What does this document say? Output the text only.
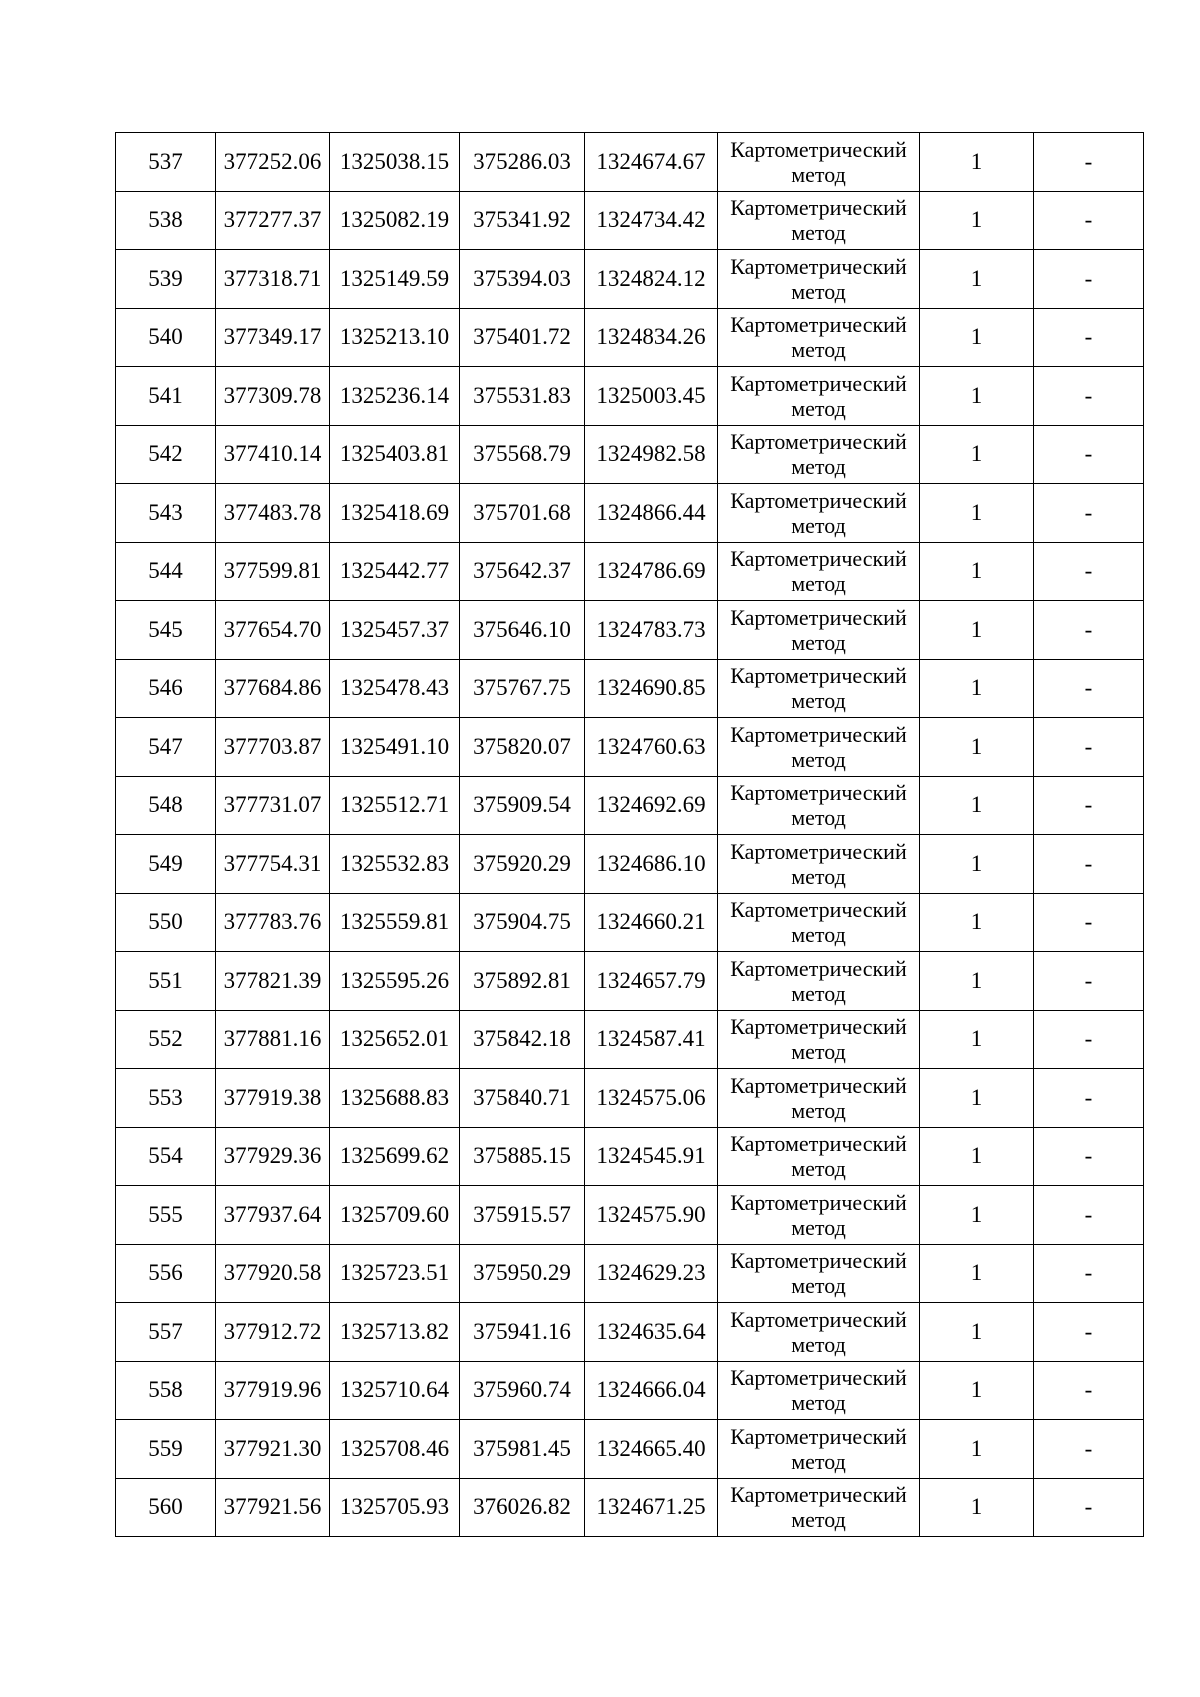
537	377252.06	1325038.15	375286.03	1324674.67	Картометрический метод	1	-
538	377277.37	1325082.19	375341.92	1324734.42	Картометрический метод	1	-
539	377318.71	1325149.59	375394.03	1324824.12	Картометрический метод	1	-
540	377349.17	1325213.10	375401.72	1324834.26	Картометрический метод	1	-
541	377309.78	1325236.14	375531.83	1325003.45	Картометрический метод	1	-
542	377410.14	1325403.81	375568.79	1324982.58	Картометрический метод	1	-
543	377483.78	1325418.69	375701.68	1324866.44	Картометрический метод	1	-
544	377599.81	1325442.77	375642.37	1324786.69	Картометрический метод	1	-
545	377654.70	1325457.37	375646.10	1324783.73	Картометрический метод	1	-
546	377684.86	1325478.43	375767.75	1324690.85	Картометрический метод	1	-
547	377703.87	1325491.10	375820.07	1324760.63	Картометрический метод	1	-
548	377731.07	1325512.71	375909.54	1324692.69	Картометрический метод	1	-
549	377754.31	1325532.83	375920.29	1324686.10	Картометрический метод	1	-
550	377783.76	1325559.81	375904.75	1324660.21	Картометрический метод	1	-
551	377821.39	1325595.26	375892.81	1324657.79	Картометрический метод	1	-
552	377881.16	1325652.01	375842.18	1324587.41	Картометрический метод	1	-
553	377919.38	1325688.83	375840.71	1324575.06	Картометрический метод	1	-
554	377929.36	1325699.62	375885.15	1324545.91	Картометрический метод	1	-
555	377937.64	1325709.60	375915.57	1324575.90	Картометрический метод	1	-
556	377920.58	1325723.51	375950.29	1324629.23	Картометрический метод	1	-
557	377912.72	1325713.82	375941.16	1324635.64	Картометрический метод	1	-
558	377919.96	1325710.64	375960.74	1324666.04	Картометрический метод	1	-
559	377921.30	1325708.46	375981.45	1324665.40	Картометрический метод	1	-
560	377921.56	1325705.93	376026.82	1324671.25	Картометрический метод	1	-
